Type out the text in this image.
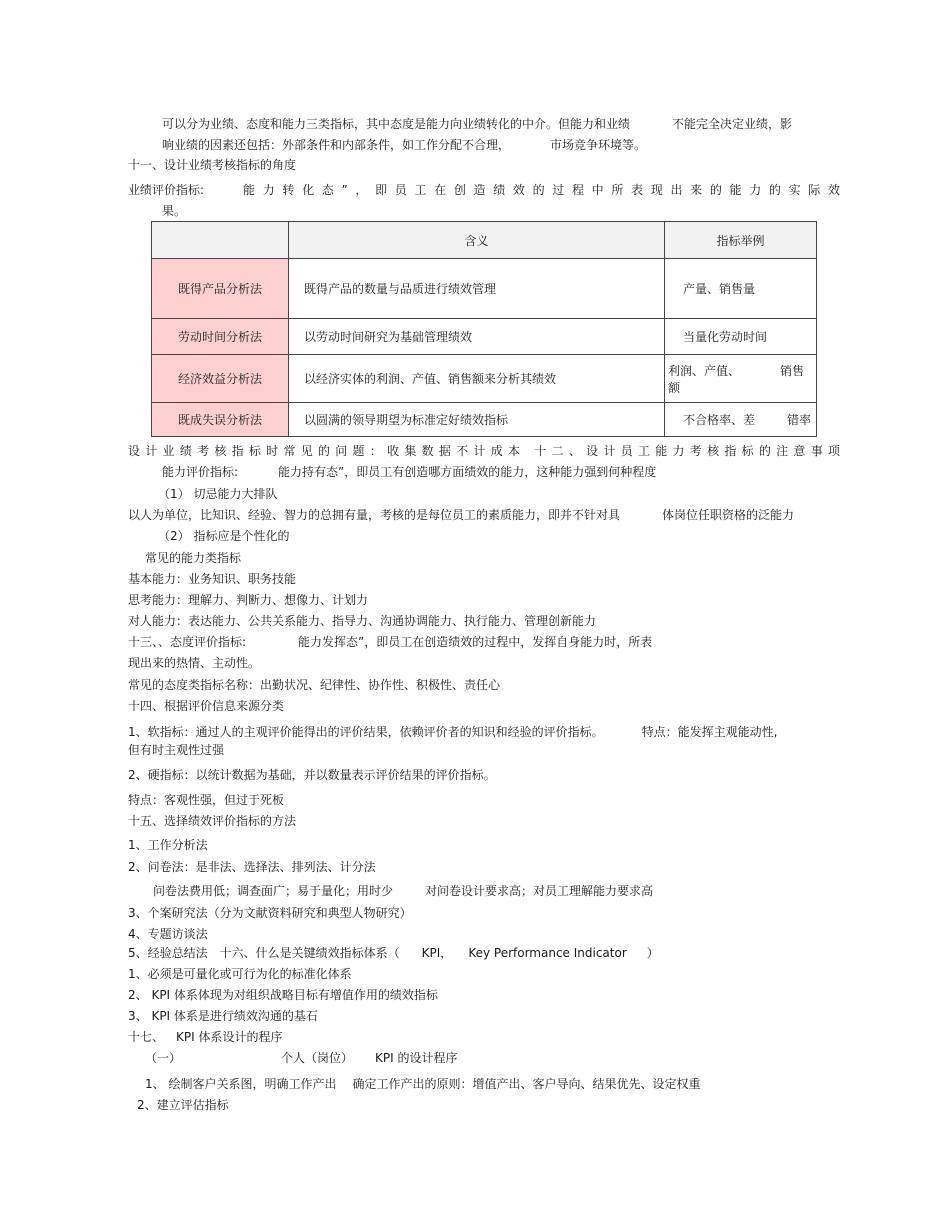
可以分为业绩、态度和能力三类指标，其中态度是能力向业绩转化的中介。但能力和业绩	不能完全决定业绩，影
响业绩的因素还包括：外部条件和内部条件，如工作分配不合理，	市场竞争环境等。
十一、设计业绩考核指标的角度
业绩评价指标:	能力转化态”，即员工在创造绩效的过程中所表现出来的能力的实际效
果。
	含义	指标举例
既得产品分析法	既得产品的数量与品质进行绩效管理	产量、销售量
劳动时间分析法	以劳动时间研究为基础管理绩效	当量化劳动时间
经济效益分析法	以经济实体的利润、产值、销售额来分析其绩效	利润、产值、 销售额
既成失误分析法	以圆满的领导期望为标准定好绩效指标	不合格率、差 错率
设计业绩考核指标时常见的问题：收集数据不计成本 十二、设计员工能力考核指标的注意事项
能力评价指标:	能力持有态”，即员工有创造哪方面绩效的能力，这种能力强到何种程度
（1） 切忌能力大排队
以人为单位，比知识、经验、智力的总拥有量，考核的是每位员工的素质能力，即并不针对具	体岗位任职资格的泛能力
（2） 指标应是个性化的
常见的能力类指标
基本能力：业务知识、职务技能
思考能力：理解力、判断力、想像力、计划力
对人能力：表达能力、公共关系能力、指导力、沟通协调能力、执行能力、管理创新能力
十三、、态度评价指标:	能力发挥态”，即员工在创造绩效的过程中，发挥自身能力时，所表
现出来的热情、主动性。
常见的态度类指标名称：出勤状况、纪律性、协作性、积极性、责任心
十四、根据评价信息来源分类
1、软指标：通过人的主观评价能得出的评价结果，依赖评价者的知识和经验的评价指标。	特点：能发挥主观能动性,
但有时主观性过强
2、硬指标：以统计数据为基础，并以数量表示评价结果的评价指标。
特点：客观性强，但过于死板
十五、选择绩效评价指标的方法
1、工作分析法
2、问卷法：是非法、选择法、排列法、计分法
问卷法费用低；调查面广；易于量化；用时少	对问卷设计要求高；对员工理解能力要求高
3、个案研究法（分为文献资料研究和典型人物研究）
4、专题访谈法
5、经验总结法 十六、什么是关键绩效指标体系（ KPI， Key Performance Indicator ）
1、必须是可量化或可行为化的标准化体系
2、 KPI 体系体现为对组织战略目标有增值作用的绩效指标
3、 KPI 体系是进行绩效沟通的基石
十七、 KPI 体系设计的程序
（一）	个人（岗位） KPI 的设计程序
1、 绘制客户关系图，明确工作产出 确定工作产出的原则：增值产出、客户导向、结果优先、设定权重
2、建立评估指标
